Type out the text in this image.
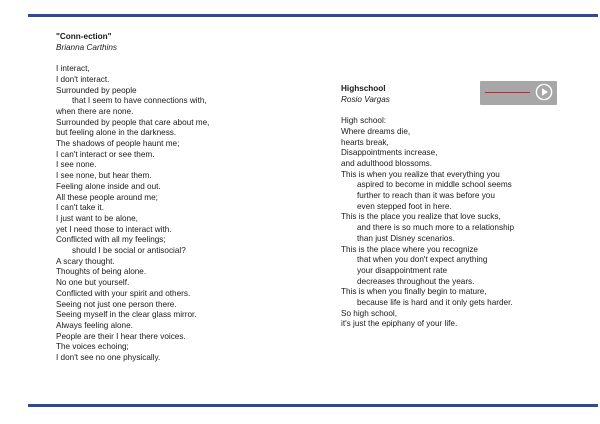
"Conn-ection"
Brianna Carthins
I interact,
I don't interact.
Surrounded by people
that I seem to have connections with,
when there are none.
Surrounded by people that care about me,
but feeling alone in the darkness.
The shadows of people haunt me;
I can't interact or see them.
I see none.
I see none, but hear them.
Feeling alone inside and out.
All these people around me;
I can't take it.
I just want to be alone,
yet I need those to interact with.
Conflicted with all my feelings;
should I be social or antisocial?
A scary thought.
Thoughts of being alone.
No one but yourself.
Conflicted with your spirit and others.
Seeing not just one person there.
Seeing myself in the clear glass mirror.
Always feeling alone.
People are their I hear there voices.
The voices echoing;
I don't see no one physically.
Highschool
Rosio Vargas
High school:
Where dreams die,
hearts break,
Disappointments increase,
and adulthood blossoms.
This is when you realize that everything you
aspired to become in middle school seems
further to reach than it was before you
even stepped foot in here.
This is the place you realize that love sucks,
and there is so much more to a relationship
than just Disney scenarios.
This is the place where you recognize
that when you don't expect anything
your disappointment rate
decreases throughout the years.
This is when you finally begin to mature,
because life is hard and it only gets harder.
So high school,
it's just the epiphany of your life.
